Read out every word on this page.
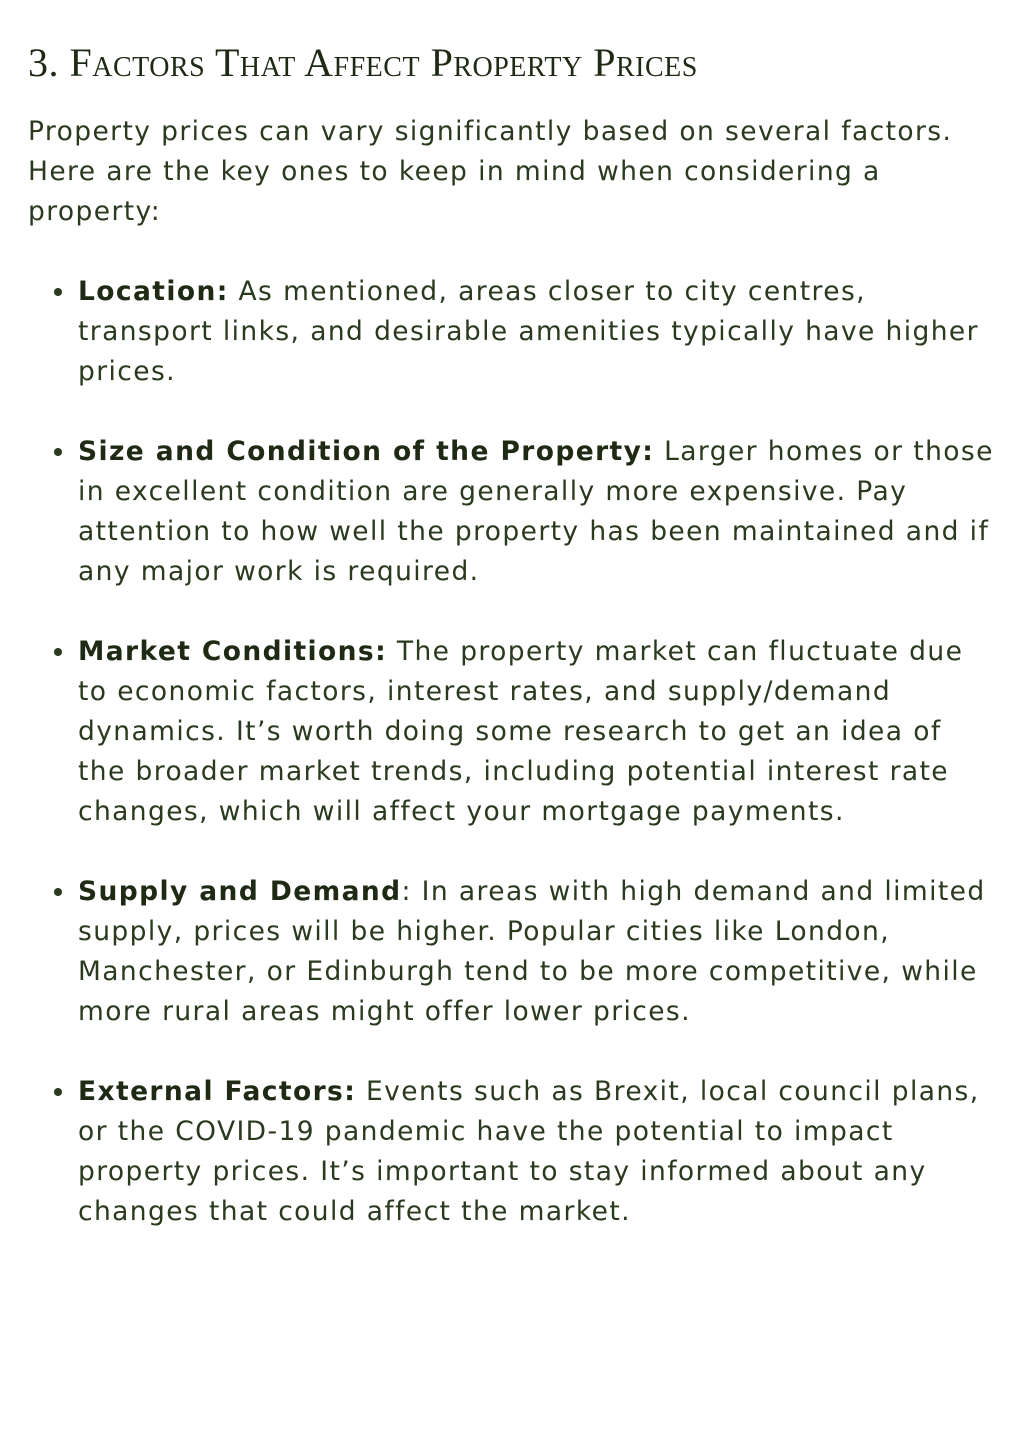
3. Factors That Affect Property Prices

Property prices can vary significantly based on several factors. Here are the key ones to keep in mind when considering a property:

Location: As mentioned, areas closer to city centres, transport links, and desirable amenities typically have higher prices.
Size and Condition of the Property: Larger homes or those in excellent condition are generally more expensive. Pay attention to how well the property has been maintained and if any major work is required.
Market Conditions: The property market can fluctuate due to economic factors, interest rates, and supply/demand dynamics. It’s worth doing some research to get an idea of the broader market trends, including potential interest rate changes, which will affect your mortgage payments.
Supply and Demand: In areas with high demand and limited supply, prices will be higher. Popular cities like London, Manchester, or Edinburgh tend to be more competitive, while more rural areas might offer lower prices.
External Factors: Events such as Brexit, local council plans, or the COVID-19 pandemic have the potential to impact property prices. It’s important to stay informed about any changes that could affect the market.
